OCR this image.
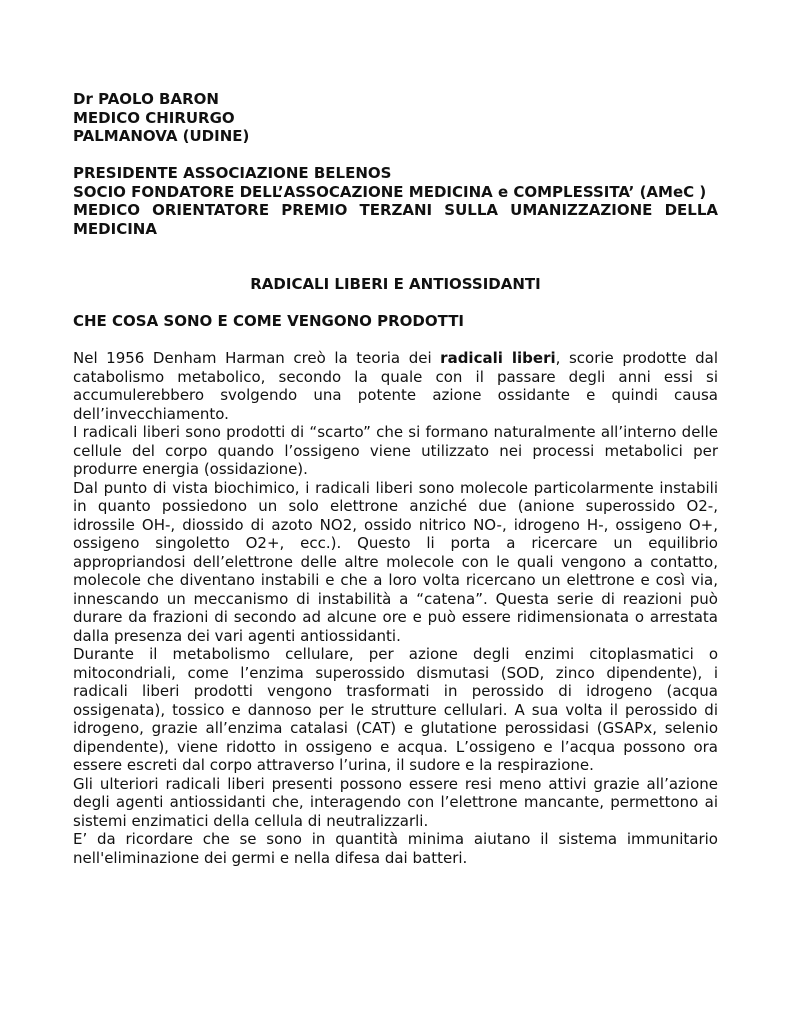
Dr PAOLO BARON

MEDICO CHIRURGO

PALMANOVA (UDINE)

PRESIDENTE ASSOCIAZIONE BELENOS

SOCIO FONDATORE DELL’ASSOCAZIONE MEDICINA e COMPLESSITA’ (AMeC )

MEDICO ORIENTATORE PREMIO TERZANI SULLA UMANIZZAZIONE DELLA MEDICINA

RADICALI LIBERI E ANTIOSSIDANTI

CHE COSA SONO E COME VENGONO PRODOTTI

Nel 1956 Denham Harman creò la teoria dei radicali liberi, scorie prodotte dal catabolismo metabolico, secondo la quale con il passare degli anni essi si accumulerebbero svolgendo una potente azione ossidante e quindi causa dell’invecchiamento.

I radicali liberi sono prodotti di “scarto” che si formano naturalmente all’interno delle cellule del corpo quando l’ossigeno viene utilizzato nei processi metabolici per produrre energia (ossidazione).

Dal punto di vista biochimico, i radicali liberi sono molecole particolarmente instabili in quanto possiedono un solo elettrone anziché due (anione superossido O2-, idrossile OH-, diossido di azoto NO2, ossido nitrico NO-, idrogeno H-, ossigeno O+, ossigeno singoletto O2+, ecc.). Questo li porta a ricercare un equilibrio appropriandosi dell’elettrone delle altre molecole con le quali vengono a contatto, molecole che diventano instabili e che a loro volta ricercano un elettrone e così via, innescando un meccanismo di instabilità a “catena”. Questa serie di reazioni può durare da frazioni di secondo ad alcune ore e può essere ridimensionata o arrestata dalla presenza dei vari agenti antiossidanti.

Durante il metabolismo cellulare, per azione degli enzimi citoplasmatici o mitocondriali, come l’enzima superossido dismutasi (SOD, zinco dipendente), i radicali liberi prodotti vengono trasformati in perossido di idrogeno (acqua ossigenata), tossico e dannoso per le strutture cellulari. A sua volta il perossido di idrogeno, grazie all’enzima catalasi (CAT) e glutatione perossidasi (GSAPx, selenio dipendente), viene ridotto in ossigeno e acqua. L’ossigeno e l’acqua possono ora essere escreti dal corpo attraverso l’urina, il sudore e la respirazione.

Gli ulteriori radicali liberi presenti possono essere resi meno attivi grazie all’azione degli agenti antiossidanti che, interagendo con l’elettrone mancante, permettono ai sistemi enzimatici della cellula di neutralizzarli.

E’ da ricordare che se sono in quantità minima aiutano il sistema immunitario nell'eliminazione dei germi e nella difesa dai batteri.
